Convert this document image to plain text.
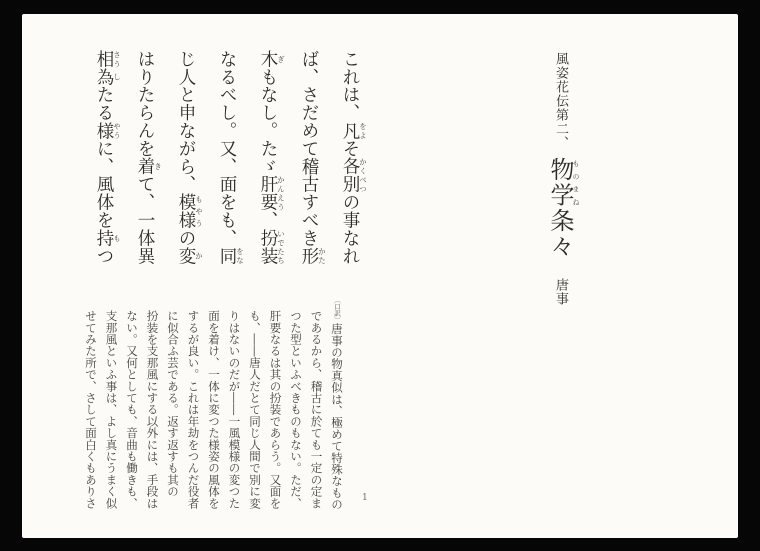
風姿花伝第二、物学ものまね条々唐事
これは、凡をよそ各別かくべつの事なれ
ば、さだめて稽古すべき形かた
木ぎもなし。たゞ肝要かんえう、扮装いでたち
なるべし。又、面をも、同をな
じ人と申ながら、模様もやうの変か
はりたらんを着きて、一体異
相さう為したる様やうに、風体を持もつ
〔口訳〕唐事の物真似は、極めて特殊なもの
であるから、稽古に於ても一定の定ま
つた型といふべきものもない。ただ、
肝要なるは其の扮装であらう。又面を
も、――唐人だとて同じ人間で別に変
りはないのだが――一風模様の変つた
面を着け、一体に変つた様姿の風体を
するが良い。これは年劫をつんだ役者
に似合ふ芸である。返す返すも其の
扮装を支那風にする以外には、手段は
ない。又何としても、音曲も働きも、
支那風といふ事は、よし真にうまく似
せてみた所で、さして面白くもありさ	1
